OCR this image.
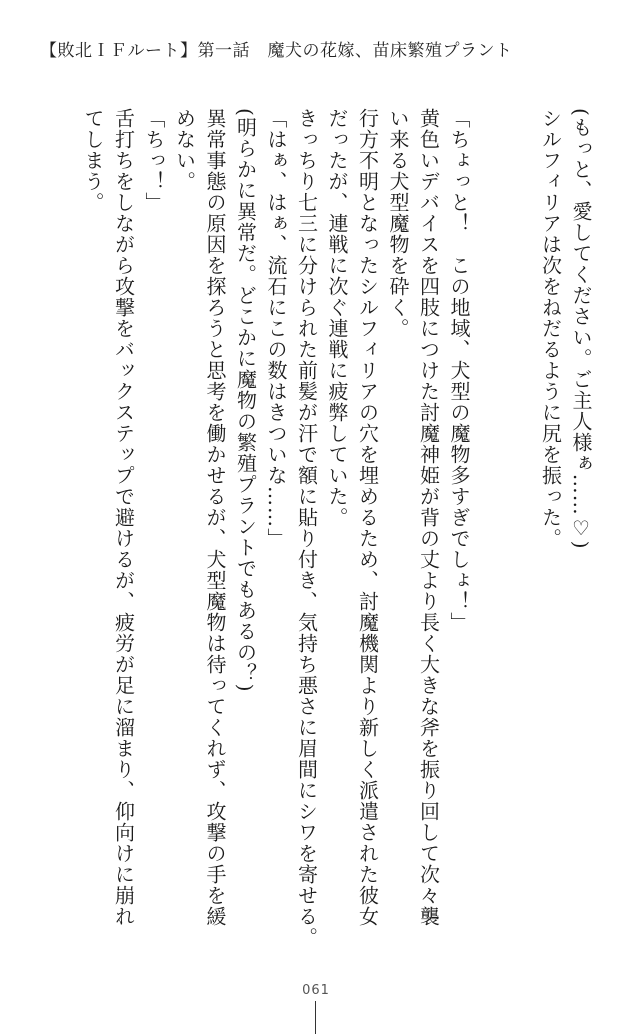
【敗北ＩＦルート】第一話　魔犬の花嫁、苗床繁殖プラント
(もっと、愛してください。ご主人様ぁ……♡)
シルフィリアは次をねだるように尻を振った。

「ちょっと！　この地域、犬型の魔物多すぎでしょ！」
黄色いデバイスを四肢につけた討魔神姫が背の丈より長く大きな斧を振り回して次々襲
い来る犬型魔物を砕く。
行方不明となったシルフィリアの穴を埋めるため、討魔機関より新しく派遣された彼女
だったが、連戦に次ぐ連戦に疲弊していた。
きっちり七三に分けられた前髪が汗で額に貼り付き、気持ち悪さに眉間にシワを寄せる。
「はぁ、はぁ、流石にこの数はきついな……」
(明らかに異常だ。どこかに魔物の繁殖プラントでもあるの？)
異常事態の原因を探ろうと思考を働かせるが、犬型魔物は待ってくれず、攻撃の手を緩
めない。
「ちっ！」
舌打ちをしながら攻撃をバックステップで避けるが、疲労が足に溜まり、仰向けに崩れ
てしまう。
061
